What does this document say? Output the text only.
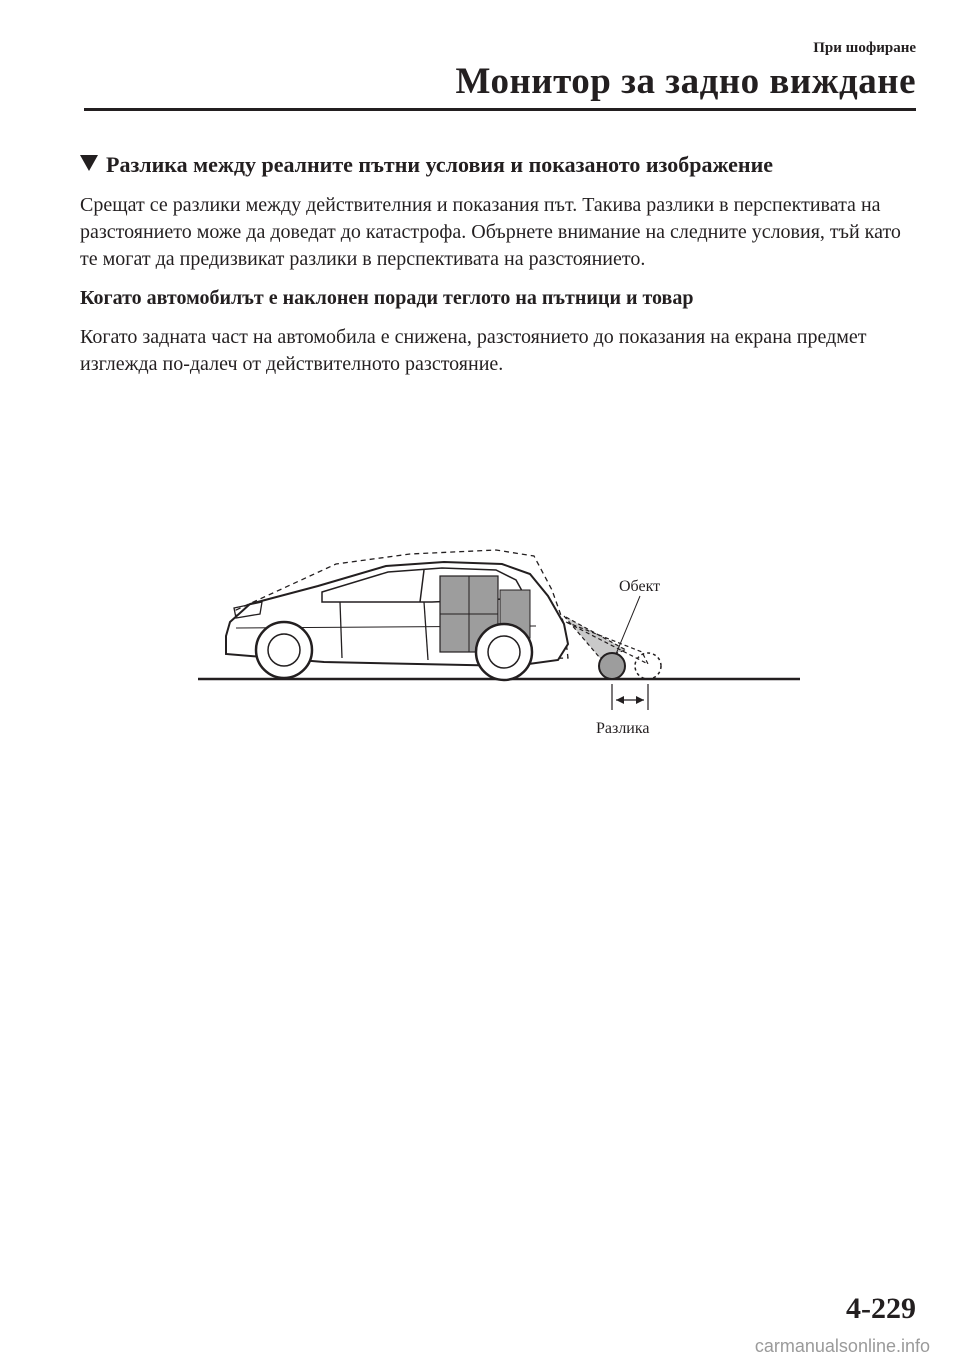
При шофиране
Монитор за задно виждане
Разлика между реалните пътни условия и показаното изображение

Срещат се разлики между действителния и показания път. Такива разлики в перспективата на разстоянието може да доведат до катастрофа. Обърнете внимание на следните условия, тъй като те могат да предизвикат разлики в перспективата на разстоянието.

Когато автомобилът е наклонен поради теглото на пътници и товар

Когато задната част на автомобила е снижена, разстоянието до показания на екрана предмет изглежда по-далеч от действителното разстояние.

Обект
Разлика
4-229
carmanualsonline.info
